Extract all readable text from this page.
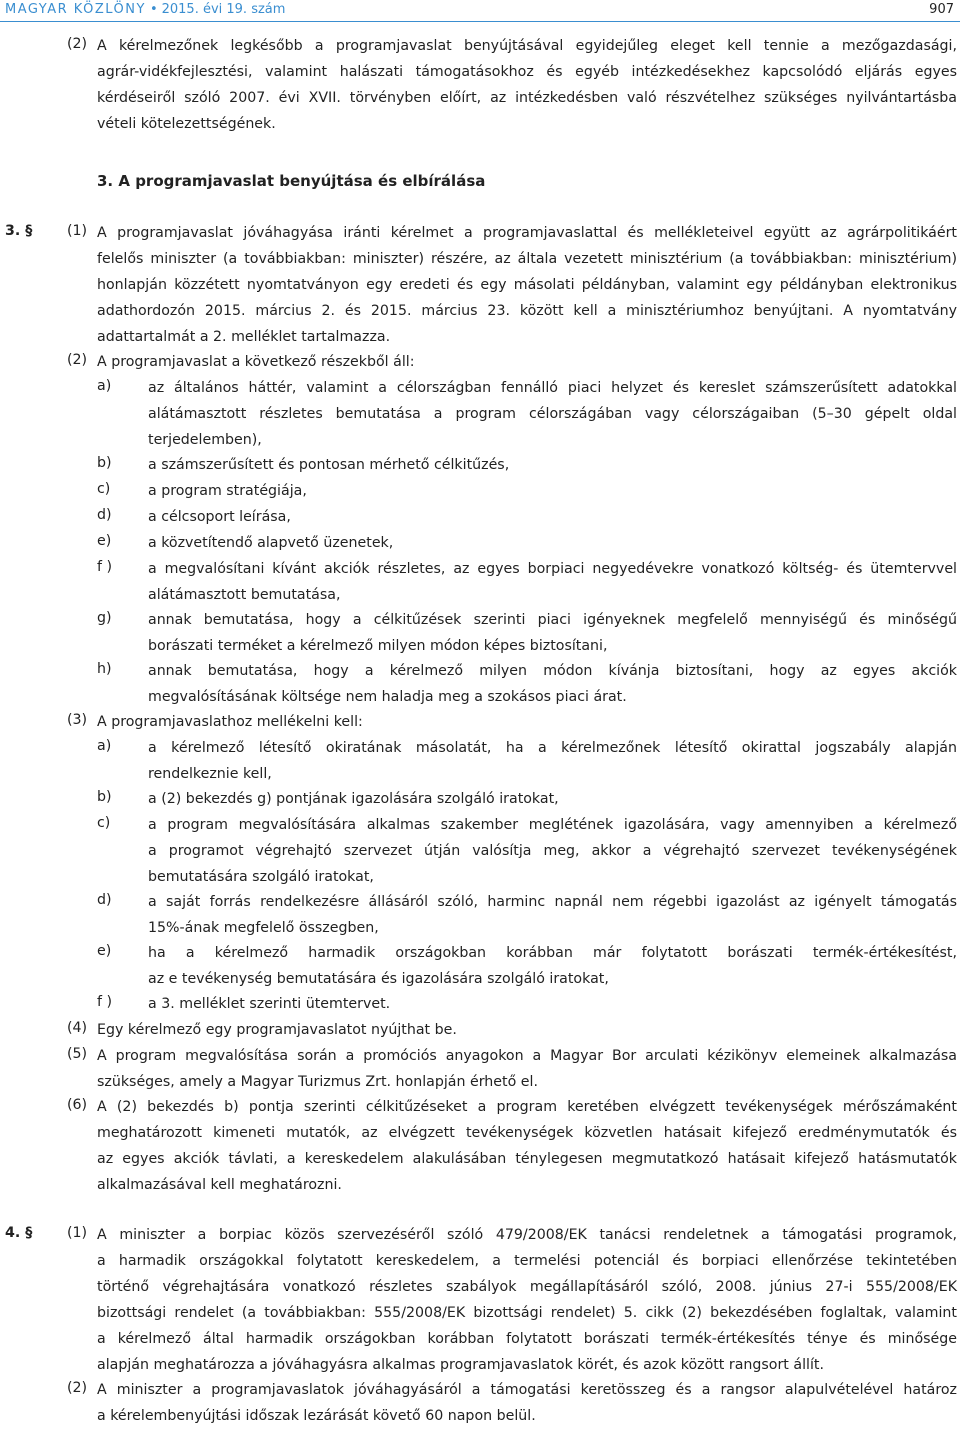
MAGYAR KÖZLÖNY • 2015. évi 19. szám	907
(2) A kérelmezőnek legkésőbb a programjavaslat benyújtásával egyidejűleg eleget kell tennie a mezőgazdasági,
agrár-vidékfejlesztési, valamint halászati támogatásokhoz és egyéb intézkedésekhez kapcsolódó eljárás egyes
kérdéseiről szóló 2007. évi XVII. törvényben előírt, az intézkedésben való részvételhez szükséges nyilvántartásba
vételi kötelezettségének.
3. A programjavaslat benyújtása és elbírálása
3. § (1) A programjavaslat jóváhagyása iránti kérelmet a programjavaslattal és mellékleteivel együtt az agrárpolitikáért
felelős miniszter (a továbbiakban: miniszter) részére, az általa vezetett minisztérium (a továbbiakban: minisztérium)
honlapján közzétett nyomtatványon egy eredeti és egy másolati példányban, valamint egy példányban elektronikus
adathordozón 2015. március 2. és 2015. március 23. között kell a minisztériumhoz benyújtani. A nyomtatvány
adattartalmát a 2. melléklet tartalmazza.
(2) A programjavaslat a következő részekből áll:
a)	az általános háttér, valamint a célországban fennálló piaci helyzet és kereslet számszerűsített adatokkal
alátámasztott részletes bemutatása a program célországában vagy célországaiban (5–30 gépelt oldal
terjedelemben),
b)	a számszerűsített és pontosan mérhető célkitűzés,
c)	a program stratégiája,
d)	a célcsoport leírása,
e)	a közvetítendő alapvető üzenetek,
f )	a megvalósítani kívánt akciók részletes, az egyes borpiaci negyedévekre vonatkozó költség- és ütemtervvel
alátámasztott bemutatása,
g)	annak bemutatása, hogy a célkitűzések szerinti piaci igényeknek megfelelő mennyiségű és minőségű
borászati terméket a kérelmező milyen módon képes biztosítani,
h)	annak bemutatása, hogy a kérelmező milyen módon kívánja biztosítani, hogy az egyes akciók
megvalósításának költsége nem haladja meg a szokásos piaci árat.
(3) A programjavaslathoz mellékelni kell:
a)	a kérelmező létesítő okiratának másolatát, ha a kérelmezőnek létesítő okirattal jogszabály alapján
rendelkeznie kell,
b)	a (2) bekezdés g) pontjának igazolására szolgáló iratokat,
c)	a program megvalósítására alkalmas szakember meglétének igazolására, vagy amennyiben a kérelmező
a programot végrehajtó szervezet útján valósítja meg, akkor a végrehajtó szervezet tevékenységének
bemutatására szolgáló iratokat,
d)	a saját forrás rendelkezésre állásáról szóló, harminc napnál nem régebbi igazolást az igényelt támogatás
15%-ának megfelelő összegben,
e)	ha a kérelmező harmadik országokban korábban már folytatott borászati termék-értékesítést,
az e tevékenység bemutatására és igazolására szolgáló iratokat,
f )	a 3. melléklet szerinti ütemtervet.
(4) Egy kérelmező egy programjavaslatot nyújthat be.
(5) A program megvalósítása során a promóciós anyagokon a Magyar Bor arculati kézikönyv elemeinek alkalmazása
szükséges, amely a Magyar Turizmus Zrt. honlapján érhető el.
(6) A (2) bekezdés b) pontja szerinti célkitűzéseket a program keretében elvégzett tevékenységek mérőszámaként
meghatározott kimeneti mutatók, az elvégzett tevékenységek közvetlen hatásait kifejező eredménymutatók és
az egyes akciók távlati, a kereskedelem alakulásában ténylegesen megmutatkozó hatásait kifejező hatásmutatók
alkalmazásával kell meghatározni.
4. § (1) A miniszter a borpiac közös szervezéséről szóló 479/2008/EK tanácsi rendeletnek a támogatási programok,
a harmadik országokkal folytatott kereskedelem, a termelési potenciál és borpiaci ellenőrzése tekintetében
történő végrehajtására vonatkozó részletes szabályok megállapításáról szóló, 2008. június 27-i 555/2008/EK
bizottsági rendelet (a továbbiakban: 555/2008/EK bizottsági rendelet) 5. cikk (2) bekezdésében foglaltak, valamint
a kérelmező által harmadik országokban korábban folytatott borászati termék-értékesítés ténye és minősége
alapján meghatározza a jóváhagyásra alkalmas programjavaslatok körét, és azok között rangsort állít.
(2) A miniszter a programjavaslatok jóváhagyásáról a támogatási keretösszeg és a rangsor alapulvételével határoz
a kérelembenyújtási időszak lezárását követő 60 napon belül.
